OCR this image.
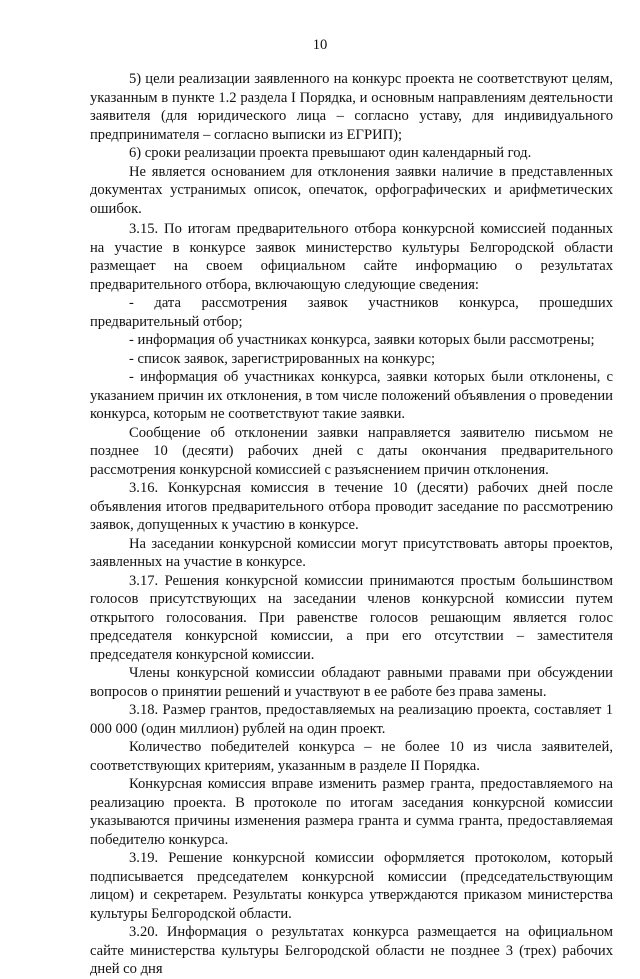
10

5) цели реализации заявленного на конкурс проекта не соответствуют целям, указанным в пункте 1.2 раздела I Порядка, и основным направлениям деятельности заявителя (для юридического лица – согласно уставу, для индивидуального предпринимателя – согласно выписки из ЕГРИП);

6) сроки реализации проекта превышают один календарный год.

Не является основанием для отклонения заявки наличие в представленных документах устранимых описок, опечаток, орфографических и арифметических ошибок.

3.15. По итогам предварительного отбора конкурсной комиссией поданных на участие в конкурсе заявок министерство культуры Белгородской области размещает на своем официальном сайте информацию о результатах предварительного отбора, включающую следующие сведения:

- дата рассмотрения заявок участников конкурса, прошедших предварительный отбор;

- информация об участниках конкурса, заявки которых были рассмотрены;

- список заявок, зарегистрированных на конкурс;

- информация об участниках конкурса, заявки которых были отклонены, с указанием причин их отклонения, в том числе положений объявления о проведении конкурса, которым не соответствуют такие заявки.

Сообщение об отклонении заявки направляется заявителю письмом не позднее 10 (десяти) рабочих дней с даты окончания предварительного рассмотрения конкурсной комиссией с разъяснением причин отклонения.

3.16. Конкурсная комиссия в течение 10 (десяти) рабочих дней после объявления итогов предварительного отбора проводит заседание по рассмотрению заявок, допущенных к участию в конкурсе.

На заседании конкурсной комиссии могут присутствовать авторы проектов, заявленных на участие в конкурсе.

3.17. Решения конкурсной комиссии принимаются простым большинством голосов присутствующих на заседании членов конкурсной комиссии путем открытого голосования. При равенстве голосов решающим является голос председателя конкурсной комиссии, а при его отсутствии – заместителя председателя конкурсной комиссии.

Члены конкурсной комиссии обладают равными правами при обсуждении вопросов о принятии решений и участвуют в ее работе без права замены.

3.18. Размер грантов, предоставляемых на реализацию проекта, составляет 1 000 000 (один миллион) рублей на один проект.

Количество победителей конкурса – не более 10 из числа заявителей, соответствующих критериям, указанным в разделе II Порядка.

Конкурсная комиссия вправе изменить размер гранта, предоставляемого на реализацию проекта. В протоколе по итогам заседания конкурсной комиссии указываются причины изменения размера гранта и сумма гранта, предоставляемая победителю конкурса.

3.19. Решение конкурсной комиссии оформляется протоколом, который подписывается председателем конкурсной комиссии (председательствующим лицом) и секретарем. Результаты конкурса утверждаются приказом министерства культуры Белгородской области.

3.20. Информация о результатах конкурса размещается на официальном сайте министерства культуры Белгородской области не позднее 3 (трех) рабочих дней со дня
